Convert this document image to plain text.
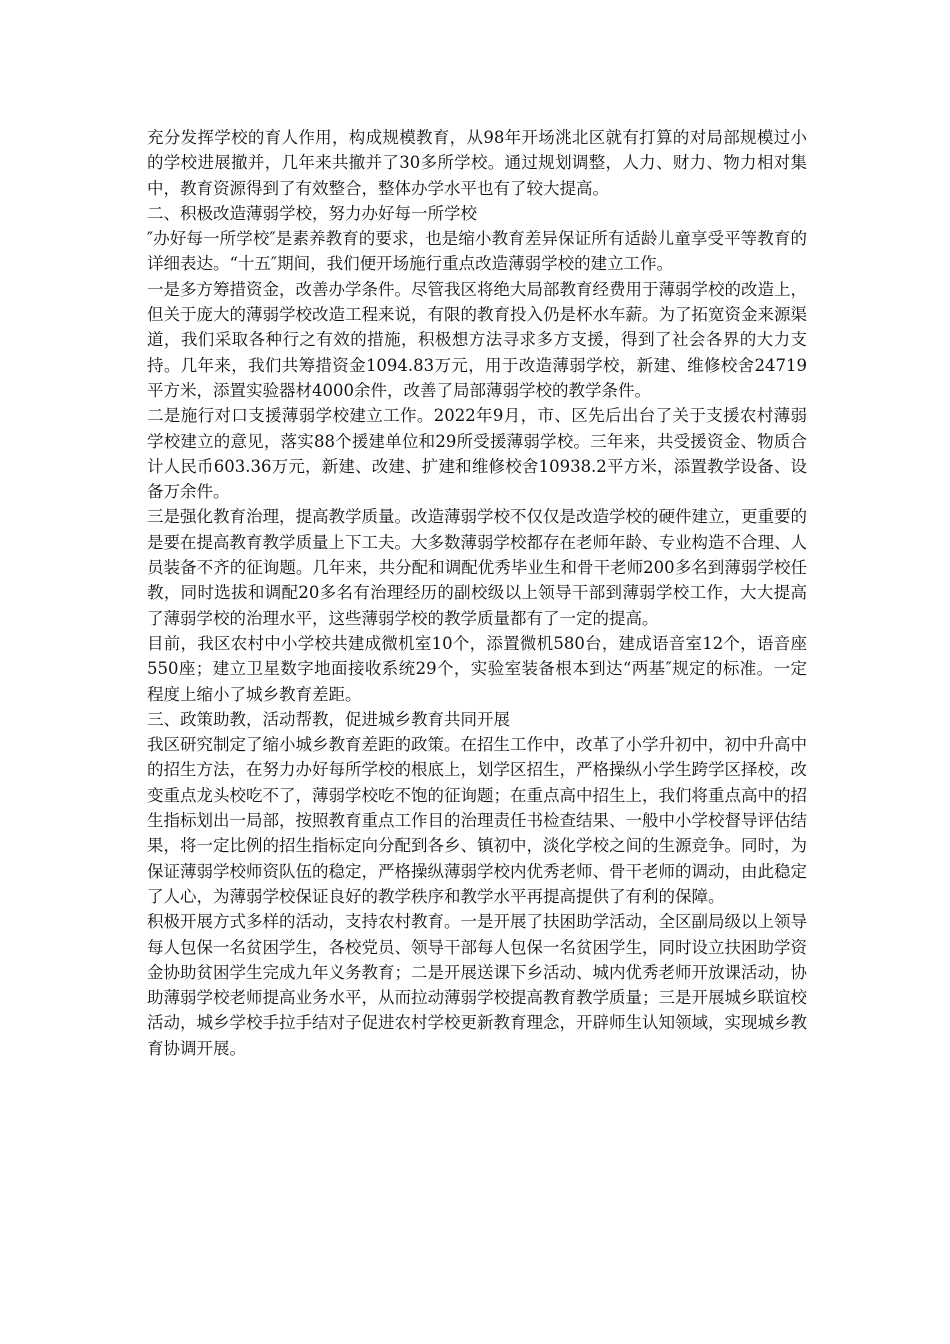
充分发挥学校的育人作用，构成规模教育，从98年开场洮北区就有打算的对局部规模过小的学校进展撤并，几年来共撤并了30多所学校。通过规划调整，人力、财力、物力相对集中，教育资源得到了有效整合，整体办学水平也有了较大提高。

二、积极改造薄弱学校，努力办好每一所学校

″办好每一所学校″是素养教育的要求，也是缩小教育差异保证所有适龄儿童享受平等教育的详细表达。“十五″期间，我们便开场施行重点改造薄弱学校的建立工作。

一是多方筹措资金，改善办学条件。尽管我区将绝大局部教育经费用于薄弱学校的改造上，但关于庞大的薄弱学校改造工程来说，有限的教育投入仍是杯水车薪。为了拓宽资金来源渠道，我们采取各种行之有效的措施，积极想方法寻求多方支援，得到了社会各界的大力支持。几年来，我们共筹措资金1094.83万元，用于改造薄弱学校，新建、维修校舍24719平方米，添置实验器材4000余件，改善了局部薄弱学校的教学条件。

二是施行对口支援薄弱学校建立工作。2022年9月，市、区先后出台了关于支援农村薄弱学校建立的意见，落实88个援建单位和29所受援薄弱学校。三年来，共受援资金、物质合计人民币603.36万元，新建、改建、扩建和维修校舍10938.2平方米，添置教学设备、设备万余件。

三是强化教育治理，提高教学质量。改造薄弱学校不仅仅是改造学校的硬件建立，更重要的是要在提高教育教学质量上下工夫。大多数薄弱学校都存在老师年龄、专业构造不合理、人员装备不齐的征询题。几年来，共分配和调配优秀毕业生和骨干老师200多名到薄弱学校任教，同时选拔和调配20多名有治理经历的副校级以上领导干部到薄弱学校工作，大大提高了薄弱学校的治理水平，这些薄弱学校的教学质量都有了一定的提高。

目前，我区农村中小学校共建成微机室10个，添置微机580台，建成语音室12个，语音座550座；建立卫星数字地面接收系统29个，实验室装备根本到达“两基″规定的标准。一定程度上缩小了城乡教育差距。

三、政策助教，活动帮教，促进城乡教育共同开展

我区研究制定了缩小城乡教育差距的政策。在招生工作中，改革了小学升初中，初中升高中的招生方法，在努力办好每所学校的根底上，划学区招生，严格操纵小学生跨学区择校，改变重点龙头校吃不了，薄弱学校吃不饱的征询题；在重点高中招生上，我们将重点高中的招生指标划出一局部，按照教育重点工作目的治理责任书检查结果、一般中小学校督导评估结果，将一定比例的招生指标定向分配到各乡、镇初中，淡化学校之间的生源竞争。同时，为保证薄弱学校师资队伍的稳定，严格操纵薄弱学校内优秀老师、骨干老师的调动，由此稳定了人心，为薄弱学校保证良好的教学秩序和教学水平再提高提供了有利的保障。

积极开展方式多样的活动，支持农村教育。一是开展了扶困助学活动，全区副局级以上领导每人包保一名贫困学生，各校党员、领导干部每人包保一名贫困学生，同时设立扶困助学资金协助贫困学生完成九年义务教育；二是开展送课下乡活动、城内优秀老师开放课活动，协助薄弱学校老师提高业务水平，从而拉动薄弱学校提高教育教学质量；三是开展城乡联谊校活动，城乡学校手拉手结对子促进农村学校更新教育理念，开辟师生认知领域，实现城乡教育协调开展。
